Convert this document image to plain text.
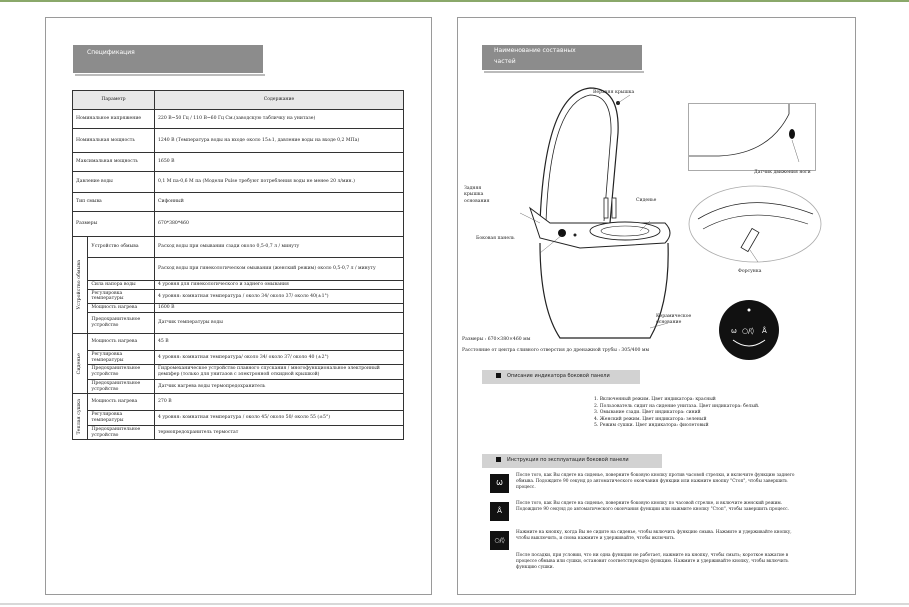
Спецификация
Параметр		Содержание
Номинальное напряжение		220 В~50 Гц / 110 В~60 Гц См.(заводскую табличку на унитазе)
Номинальная мощность		1240 В (Температура воды на входе около 15±1, давление воды на входе 0,2 МПа)
Максимальная мощность		1650 В
Давление воды		0,1 М па-0,6 М па (Модели Pulse требуют потребления воды не менее 20 л/мин.)
Тип смыва		Сифонный
Размеры		670*380*460

Устройство обмыва	Устройство обмыва	Расход воды при омывании сзади около 0,5-0,7 л / минуту
		Расход воды при гинекологическом омывании (женский режим) около 0,5-0,7 л / минуту
	Сила напора воды	4 уровня для гинекологического и заднего омывания
	Регулировка температуры	4 уровня: комнатная температура / около 34/ около 37/ около 40(±1°)
	Мощность нагрева	1600 В
	Предохранительное устройство	Датчик температуры воды

Сиденье	Мощность нагрева	45 В
	Регулировка температуры	4 уровня: комнатная температура/ около 34/ около 37/ около 40 (±2°)
	Предохранительное устройство	Гидромеханическое устройство плавного спускания / многофункциональное электронный демпфер (только для унитазов с электронной откидной крышкой)
	Предохранительное устройство	Датчик нагрева воды термопредохранитель

Теплая сушка	Мощность нагрева	270 В
	Регулировка температуры	4 уровня: комнатная температура / около 45/ около 50/ около 55 (±5°)
	Предохранительное устройство	термопредохранитель термостат
Наименование составных
частей
Верхняя крышка
Сиденье
Задняя
крышка
основания
Боковая панель
Керамическое
основание
Датчик движения ноги
Форсунка
ѡ ○/◊ Å
Размеры : 670×380×460 мм
Расстояние от центра сливного отверстия до дренажной трубы : 305/400 мм
Описание индикатора боковой панели
1. Включенный режим. Цвет индикатора: красный
2. Пользователь сидит на сидение унитаза. Цвет индикатора: белый.
3. Омывание сзади. Цвет индикатора: синий
4. Женский режим. Цвет индикатора: зеленый
5. Режим сушки. Цвет индикатора: фиолетовый
Инструкция по эксплуатации боковой панели
Ѡ
После того, как Вы сядете на сиденье, поверните боковую кнопку против часовой стрелки, и включите функцию заднего обмыва. Подождите 90 секунд до автоматического окончания функции или нажмите кнопку "Стоп", чтобы завершить процесс.
Å
После того, как Вы сядете на сиденье, поверните боковую кнопку по часовой стрелке, и включите женский режим. Подождите 90 секунд до автоматического окончания функции или нажмите кнопку "Стоп", чтобы завершить процесс.
○/◊
Нажмите на кнопку, когда Вы не сидите на сиденье, чтобы включить функцию смыва. Нажмите и удерживайте кнопку, чтобы выключить, и снова нажмите и удерживайте, чтобы включить.
После посадки, при условии, что ни одна функция не работает, нажмите на кнопку, чтобы смыть; короткое нажатие в процессе обмыва или сушки, остановит соответствующую функцию. Нажмите и удерживайте кнопку, чтобы включить функцию сушки.
